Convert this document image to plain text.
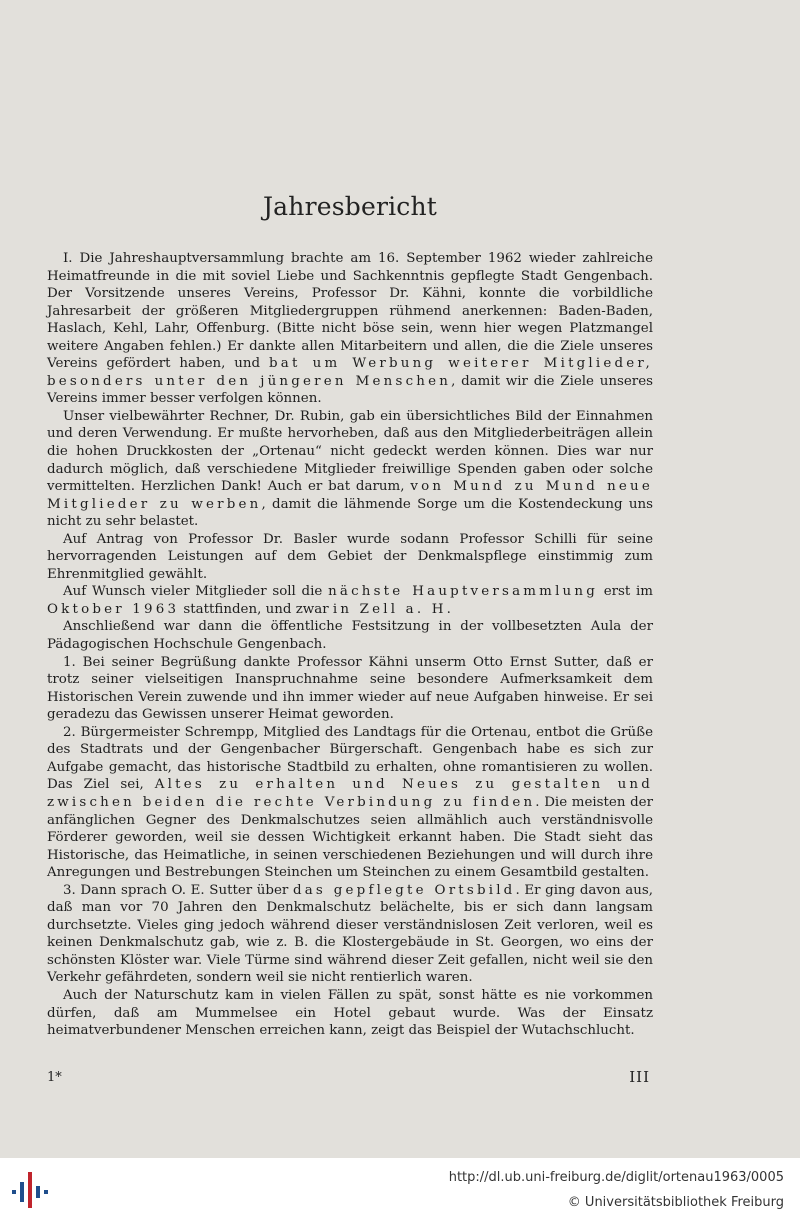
Jahresbericht

I. Die Jahreshauptversammlung brachte am 16. September 1962 wieder zahlreiche Heimatfreunde in die mit soviel Liebe und Sachkenntnis gepflegte Stadt Gengenbach. Der Vorsitzende unseres Vereins, Professor Dr. Kähni, konnte die vorbildliche Jahresarbeit der größeren Mitgliedergruppen rühmend anerkennen: Baden-Baden, Haslach, Kehl, Lahr, Offenburg. (Bitte nicht böse sein, wenn hier wegen Platzmangel weitere Angaben fehlen.) Er dankte allen Mitarbeitern und allen, die die Ziele unseres Vereins gefördert haben, und bat um Werbung weiterer Mitglieder, besonders unter den jüngeren Menschen, damit wir die Ziele unseres Vereins immer besser verfolgen können.

Unser vielbewährter Rechner, Dr. Rubin, gab ein übersichtliches Bild der Einnahmen und deren Verwendung. Er mußte hervorheben, daß aus den Mitgliederbeiträgen allein die hohen Druckkosten der „Ortenau“ nicht gedeckt werden können. Dies war nur dadurch möglich, daß verschiedene Mitglieder freiwillige Spenden gaben oder solche vermittelten. Herzlichen Dank! Auch er bat darum, von Mund zu Mund neue Mitglieder zu werben, damit die lähmende Sorge um die Kostendeckung uns nicht zu sehr belastet.

Auf Antrag von Professor Dr. Basler wurde sodann Professor Schilli für seine hervorragenden Leistungen auf dem Gebiet der Denkmalspflege einstimmig zum Ehrenmitglied gewählt.

Auf Wunsch vieler Mitglieder soll die nächste Hauptversammlung erst im Oktober 1963 stattfinden, und zwar in Zell a. H.

Anschließend war dann die öffentliche Festsitzung in der vollbesetzten Aula der Pädagogischen Hochschule Gengenbach.

1. Bei seiner Begrüßung dankte Professor Kähni unserm Otto Ernst Sutter, daß er trotz seiner vielseitigen Inanspruchnahme seine besondere Aufmerksamkeit dem Historischen Verein zuwende und ihn immer wieder auf neue Aufgaben hinweise. Er sei geradezu das Gewissen unserer Heimat geworden.

2. Bürgermeister Schrempp, Mitglied des Landtags für die Ortenau, entbot die Grüße des Stadtrats und der Gengenbacher Bürgerschaft. Gengenbach habe es sich zur Aufgabe gemacht, das historische Stadtbild zu erhalten, ohne romantisieren zu wollen. Das Ziel sei, Altes zu erhalten und Neues zu gestalten und zwischen beiden die rechte Verbindung zu finden. Die meisten der anfänglichen Gegner des Denkmalschutzes seien allmählich auch verständnisvolle Förderer geworden, weil sie dessen Wichtigkeit erkannt haben. Die Stadt sieht das Historische, das Heimatliche, in seinen verschiedenen Beziehungen und will durch ihre Anregungen und Bestrebungen Steinchen um Steinchen zu einem Gesamtbild gestalten.

3. Dann sprach O. E. Sutter über das gepflegte Ortsbild. Er ging davon aus, daß man vor 70 Jahren den Denkmalschutz belächelte, bis er sich dann langsam durchsetzte. Vieles ging jedoch während dieser verständnislosen Zeit verloren, weil es keinen Denkmalschutz gab, wie z. B. die Klostergebäude in St. Georgen, wo eins der schönsten Klöster war. Viele Türme sind während dieser Zeit gefallen, nicht weil sie den Verkehr gefährdeten, sondern weil sie nicht rentierlich waren.

Auch der Naturschutz kam in vielen Fällen zu spät, sonst hätte es nie vorkommen dürfen, daß am Mummelsee ein Hotel gebaut wurde. Was der Einsatz heimatverbundener Menschen erreichen kann, zeigt das Beispiel der Wutachschlucht.

1*	III
http://dl.ub.uni-freiburg.de/diglit/ortenau1963/0005
© Universitätsbibliothek Freiburg
